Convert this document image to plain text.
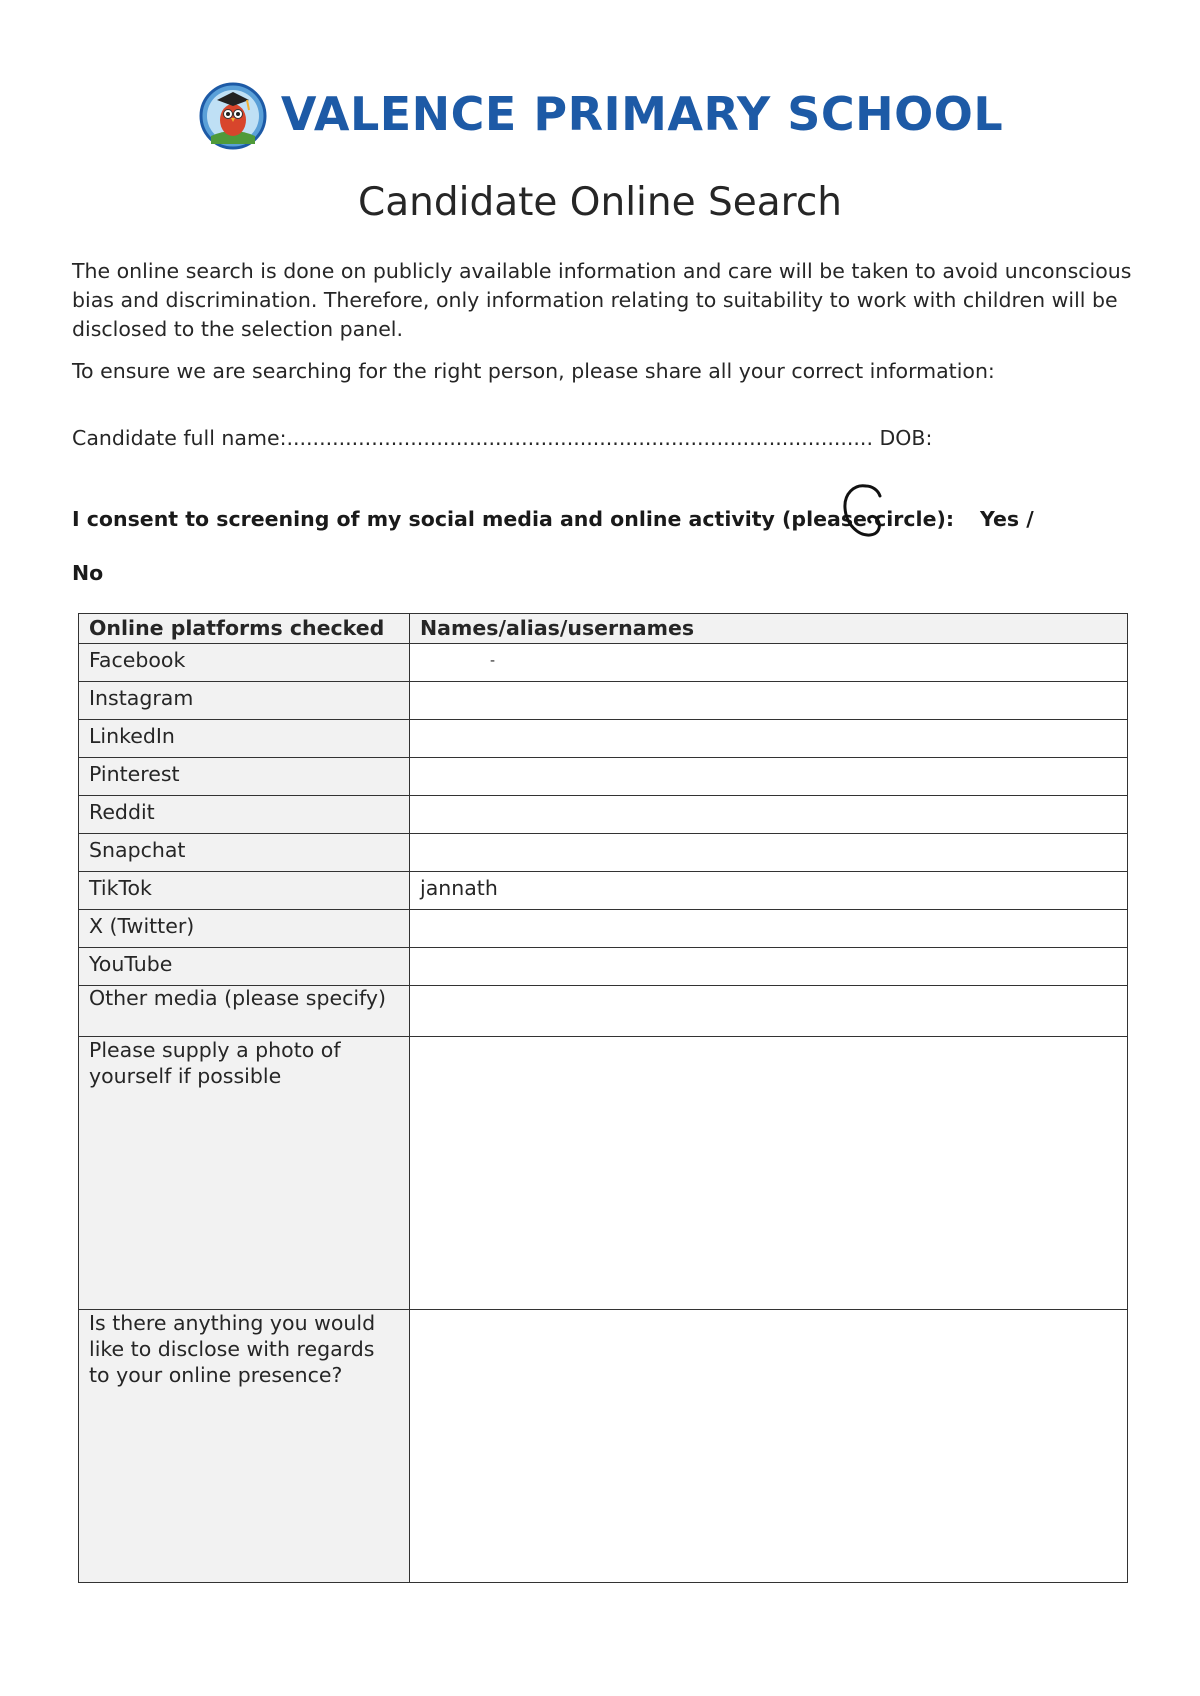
VALENCE PRIMARY SCHOOL
Candidate Online Search

The online search is done on publicly available information and care will be taken to avoid unconscious bias and discrimination. Therefore, only information relating to suitability to work with children will be disclosed to the selection panel.

To ensure we are searching for the right person, please share all your correct information:

Candidate full name:.......................................................................................... DOB:
I consent to screening of my social media and online activity (please circle): Yes /
No
Online platforms checked	Names/alias/usernames
Facebook	-
Instagram	
LinkedIn	
Pinterest	
Reddit	
Snapchat	
TikTok	jannath
X (Twitter)	
YouTube	
Other media (please specify)	
Please supply a photo of yourself if possible	
Is there anything you would like to disclose with regards to your online presence?	
